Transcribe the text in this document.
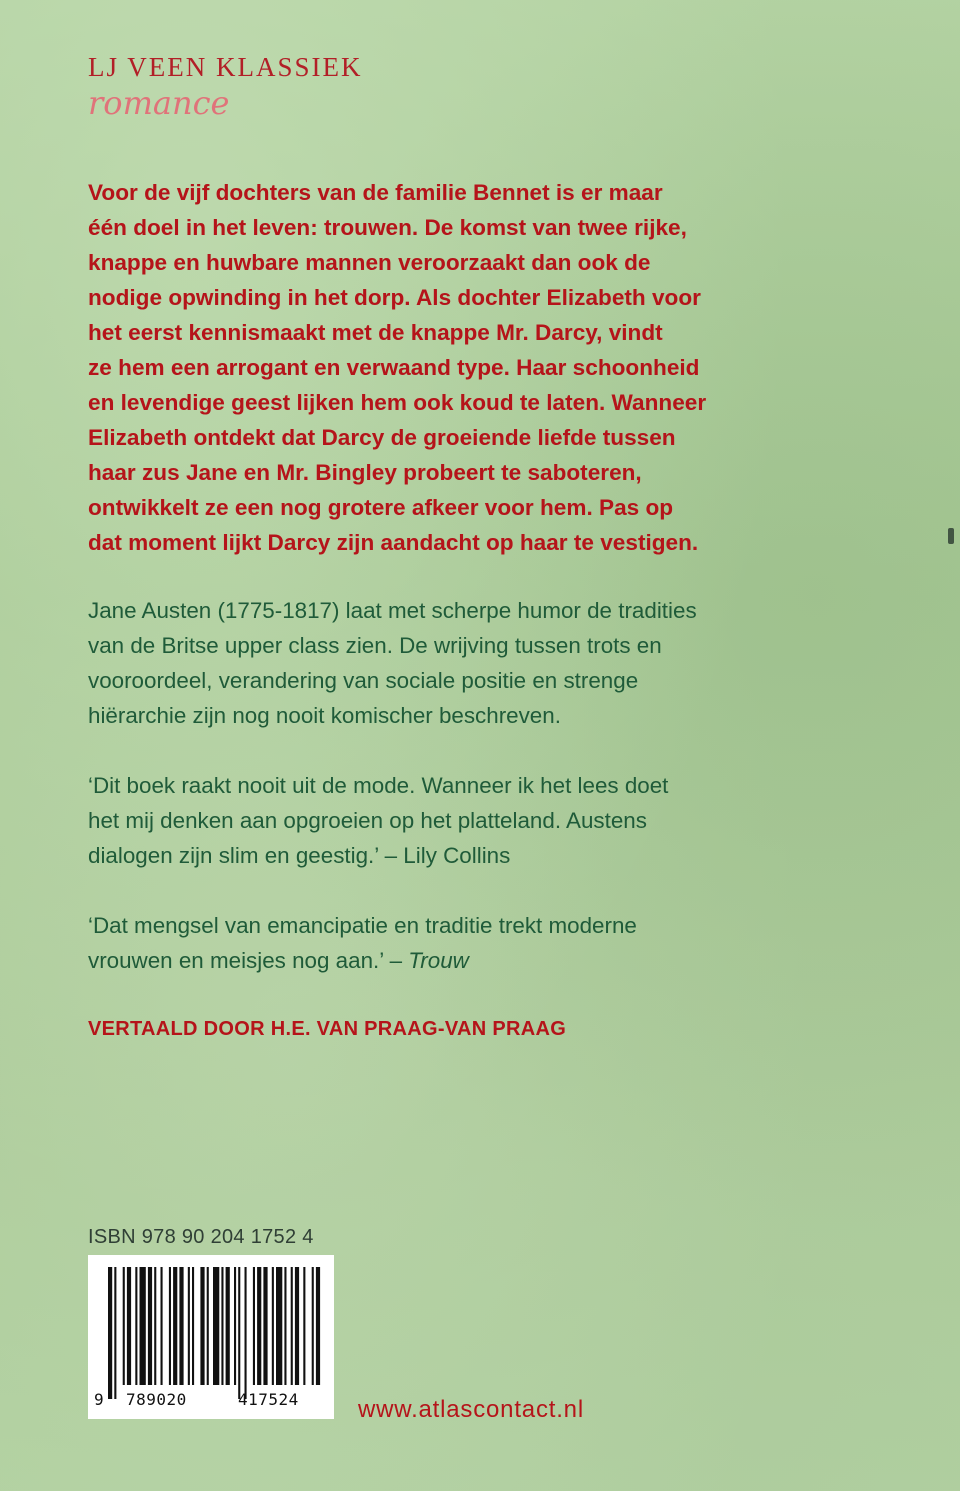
LJ VEEN KLASSIEK
romance
Voor de vijf dochters van de familie Bennet is er maar
één doel in het leven: trouwen. De komst van twee rijke,
knappe en huwbare mannen veroorzaakt dan ook de
nodige opwinding in het dorp. Als dochter Elizabeth voor
het eerst kennismaakt met de knappe Mr. Darcy, vindt
ze hem een arrogant en verwaand type. Haar schoonheid
en levendige geest lijken hem ook koud te laten. Wanneer
Elizabeth ontdekt dat Darcy de groeiende liefde tussen
haar zus Jane en Mr. Bingley probeert te saboteren,
ontwikkelt ze een nog grotere afkeer voor hem. Pas op
dat moment lijkt Darcy zijn aandacht op haar te vestigen.
Jane Austen (1775-1817) laat met scherpe humor de tradities
van de Britse upper class zien. De wrijving tussen trots en
vooroordeel, verandering van sociale positie en strenge
hiërarchie zijn nog nooit komischer beschreven.
‘Dit boek raakt nooit uit de mode. Wanneer ik het lees doet
het mij denken aan opgroeien op het platteland. Austens
dialogen zijn slim en geestig.’ – Lily Collins
‘Dat mengsel van emancipatie en traditie trekt moderne
vrouwen en meisjes nog aan.’ – Trouw
VERTAALD DOOR H.E. VAN PRAAG-VAN PRAAG
ISBN 978 90 204 1752 4
9 789020	417524 www.atlascontact.nl
